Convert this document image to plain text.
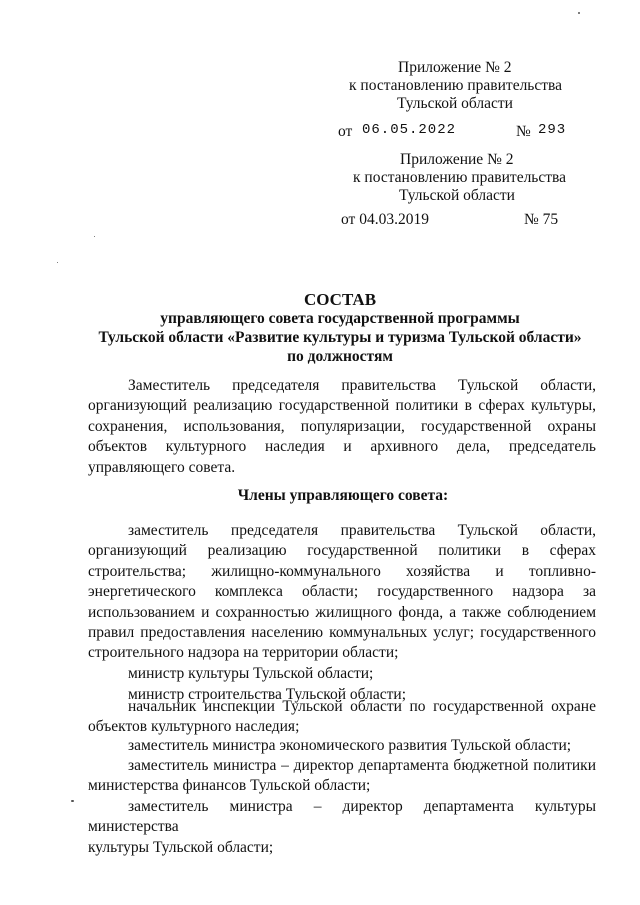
Приложение № 2
к постановлению правительства
Тульской области
от 06.05.2022	№ 293
Приложение № 2
к постановлению правительства
Тульской области
от 04.03.2019	№ 75
СОСТАВ
управляющего совета государственной программы
Тульской области «Развитие культуры и туризма Тульской области»
по должностям
Заместитель председателя правительства Тульской области,
организующий реализацию государственной политики в сферах культуры,
сохранения, использования, популяризации, государственной охраны
объектов культурного наследия и архивного дела, председатель
управляющего совета.
Члены управляющего совета:
заместитель председателя правительства Тульской области,
организующий реализацию государственной политики в сферах
строительства; жилищно-коммунального хозяйства и топливно-
энергетического комплекса области; государственного надзора за
использованием и сохранностью жилищного фонда, а также соблюдением
правил предоставления населению коммунальных услуг; государственного
строительного надзора на территории области;
министр культуры Тульской области;
министр строительства Тульской области;
начальник инспекции Тульской области по государственной охране
объектов культурного наследия;
заместитель министра экономического развития Тульской области;
заместитель министра – директор департамента бюджетной политики
министерства финансов Тульской области;
заместитель министра – директор департамента культуры министерства
культуры Тульской области;
